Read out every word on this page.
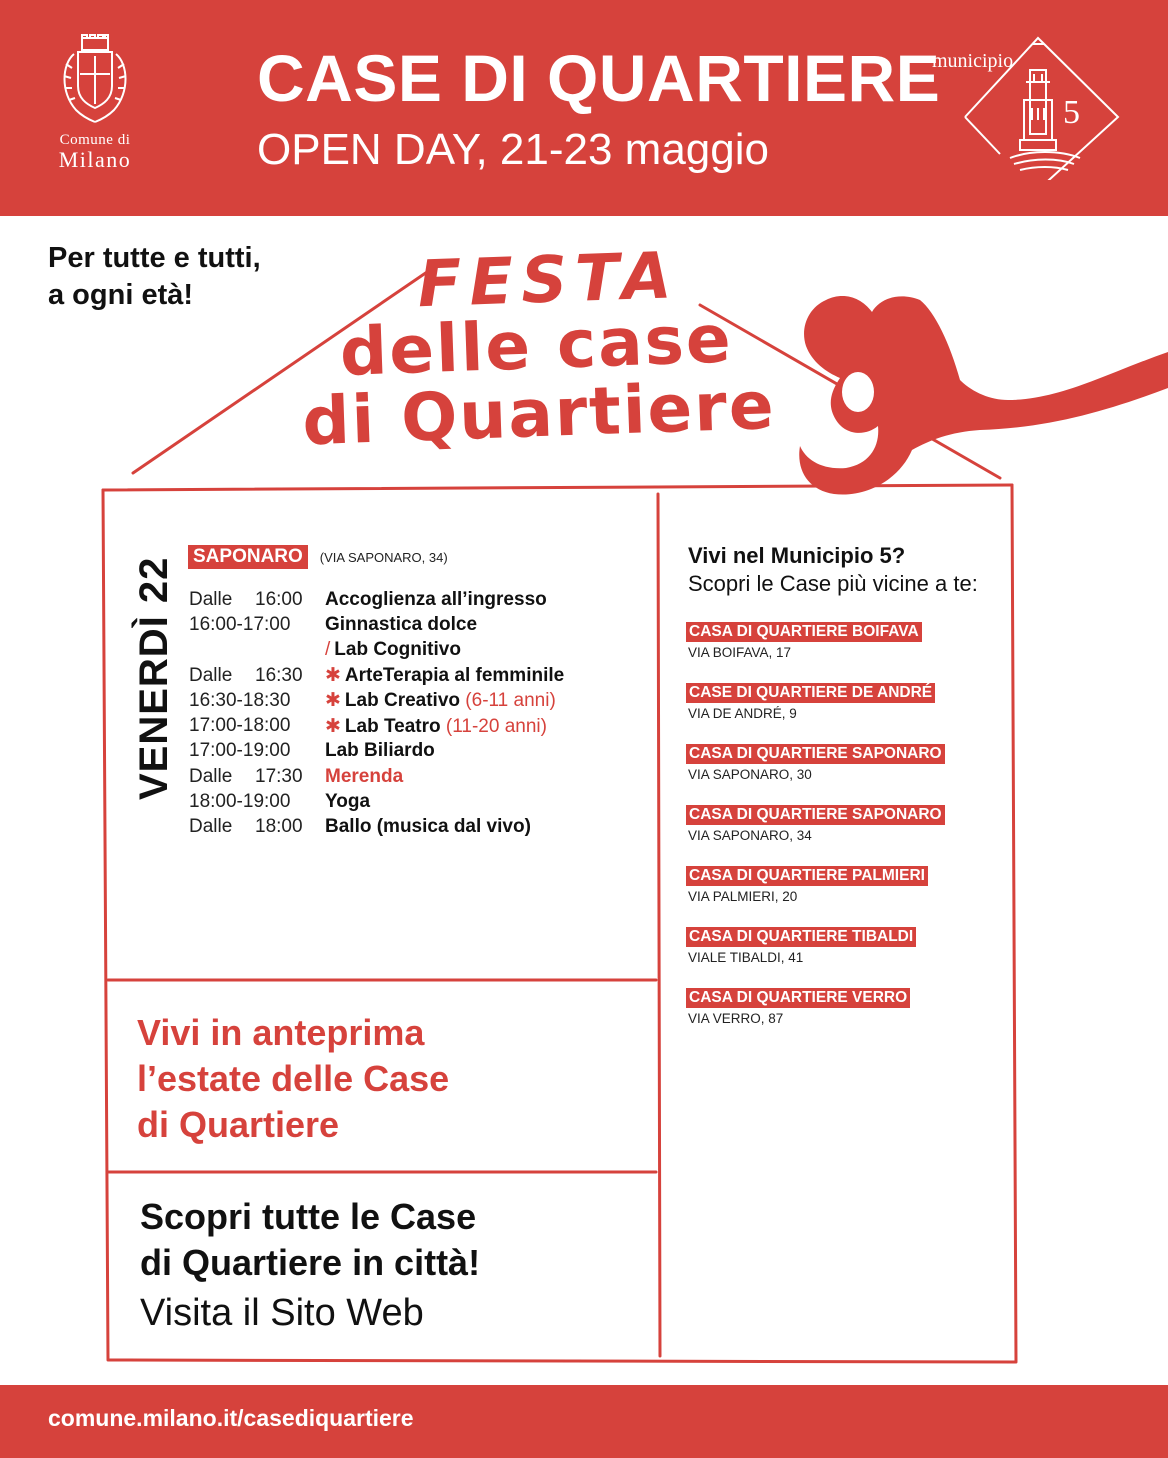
Comune di
Milano
CASE DI QUARTIERE
OPEN DAY, 21-23 maggio
municipio
5
Per tutte e tutti,
a ogni età!	FESTA
delle case
di Quartiere
VENERDÌ 22
SAPONARO	(VIA SAPONARO, 34)
Dalle 16:00	Accoglienza all’ingresso
16:00-17:00	Ginnastica dolce
/ Lab Cognitivo
Dalle 16:30	✱ ArteTerapia al femminile
16:30-18:30	✱ Lab Creativo (6-11 anni)
17:00-18:00	✱ Lab Teatro (11-20 anni)
17:00-19:00	Lab Biliardo
Dalle 17:30	Merenda
18:00-19:00	Yoga
Dalle 18:00	Ballo (musica dal vivo)
Vivi in anteprima
l’estate delle Case
di Quartiere
Scopri tutte le Case
di Quartiere in città!
Visita il Sito Web
Vivi nel Municipio 5?
Scopri le Case più vicine a te:
CASA DI QUARTIERE BOIFAVA
VIA BOIFAVA, 17
CASE DI QUARTIERE DE ANDRÉ
VIA DE ANDRÉ, 9
CASA DI QUARTIERE SAPONARO
VIA SAPONARO, 30
CASA DI QUARTIERE SAPONARO
VIA SAPONARO, 34
CASA DI QUARTIERE PALMIERI
VIA PALMIERI, 20
CASA DI QUARTIERE TIBALDI
VIALE TIBALDI, 41
CASA DI QUARTIERE VERRO
VIA VERRO, 87
comune.milano.it/casediquartiere
